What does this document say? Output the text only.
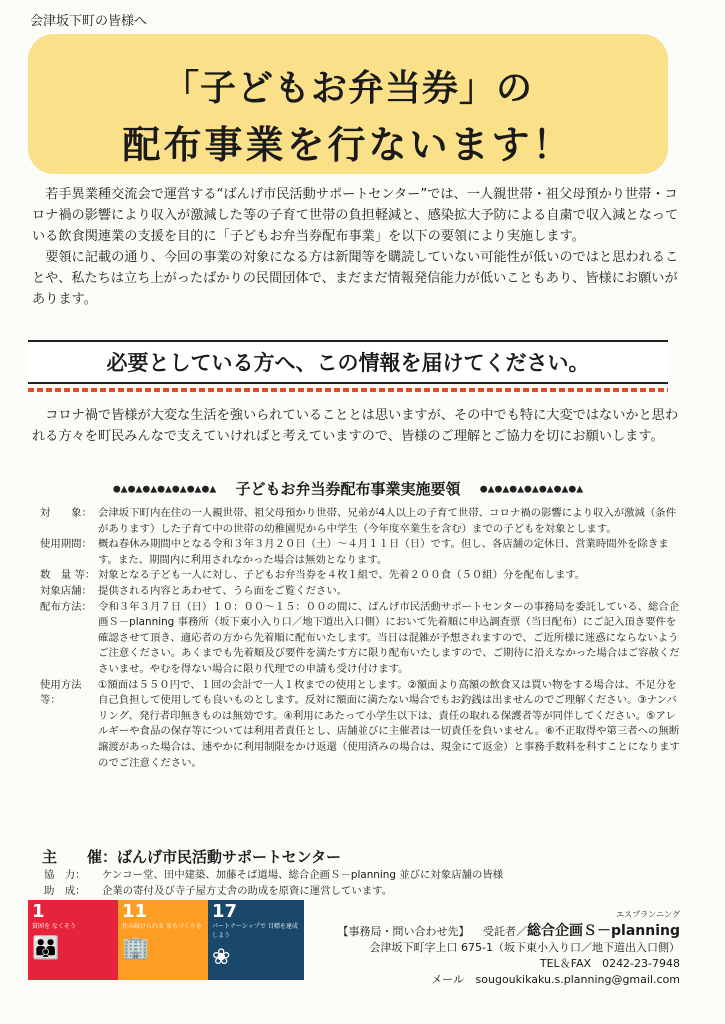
会津坂下町の皆様へ
「子どもお弁当券」の
配布事業を行ないます！

若手異業種交流会で運営する“ばんげ市民活動サポートセンター”では、一人親世帯・祖父母預かり世帯・コロナ禍の影響により収入が激減した等の子育て世帯の負担軽減と、感染拡大予防による自粛で収入減となっている飲食関連業の支援を目的に「子どもお弁当券配布事業」を以下の要領により実施します。

要領に記載の通り、今回の事業の対象になる方は新聞等を購読していない可能性が低いのではと思われることや、私たちは立ち上がったばかりの民間団体で、まだまだ情報発信能力が低いこともあり、皆様にお願いがあります。

必要としている方へ、この情報を届けてください。
コロナ禍で皆様が大変な生活を強いられていることとは思いますが、その中でも特に大変ではないかと思われる方々を町民みんなで支えていければと考えていますので、皆様のご理解とご協力を切にお願いします。
●▲●▲●▲●▲●▲●▲●▲ 子どもお弁当券配布事業実施要領 ●▲●▲●▲●▲●▲●▲●▲
対　　象： 会津坂下町内在住の一人親世帯、祖父母預かり世帯、兄弟が4人以上の子育て世帯、コロナ禍の影響により収入が激減（条件があります）した子育て中の世帯の幼稚園児から中学生（今年度卒業生を含む）までの子どもを対象とします。
使用期間： 概ね春休み期間中となる令和３年３月２０日（土）～４月１１日（日）です。但し、各店舗の定休日、営業時間外を除きます。また、期間内に利用されなかった場合は無効となります。
数　量 等： 対象となる子ども一人に対し、子どもお弁当券を４枚１組で、先着２００食（５０組）分を配布します。
対象店舗： 提供される内容とあわせて、うら面をご覧ください。
配布方法： 令和３年３月７日（日）１０：００～１５：００の間に、ばんげ市民活動サポートセンターの事務局を委託している、総合企画Ｓ－planning 事務所（坂下東小入り口／地下道出入口側）において先着順に申込調査票（当日配布）にご記入頂き要件を確認させて頂き、適応者の方から先着順に配布いたします。当日は混雑が予想されますので、ご近所様に迷惑にならないようご注意ください。あくまでも先着順及び要件を満たす方に限り配布いたしますので、ご期待に沿えなかった場合はご容赦くださいませ。やむを得ない場合に限り代理での申請も受け付けます。
使用方法等：
①額面は５５０円で、１回の会計で一人１枚までの使用とします。②額面より高額の飲食又は買い物をする場合は、不足分を自己負担して使用しても良いものとします。反対に額面に満たない場合でもお釣銭は出ませんのでご理解ください。③ナンバリング、発行者印無きものは無効です。④利用にあたって小学生以下は、責任の取れる保護者等が同伴してください。⑤アレルギーや食品の保存等については利用者責任とし、店舗並びに主催者は一切責任を負いません。⑥不正取得や第三者への無断譲渡があった場合は、速やかに利用制限をかけ返還（使用済みの場合は、現金にて返金）と事務手数料を科すことになりますのでご注意ください。
主　　催：ばんげ市民活動サポートセンター
協　力：	ケンコー堂、田中建築、加藤そば道場、総合企画Ｓ－planning 並びに対象店舗の皆様
助　成：	企業の寄付及び寺子屋方丈舎の助成を原資に運営しています。
1
貧困を なくそう
👪
11
住み続けられる まちづくりを
🏢
17
パートナーシップで 目標を達成しよう
❀
エスプランニング
【事務局・問い合わせ先】 受託者／総合企画Ｓ－planning
会津坂下町字上口 675-1（坂下東小入り口／地下道出入口側）
TEL＆FAX　0242-23-7948
メール sougoukikaku.s.planning@gmail.com
